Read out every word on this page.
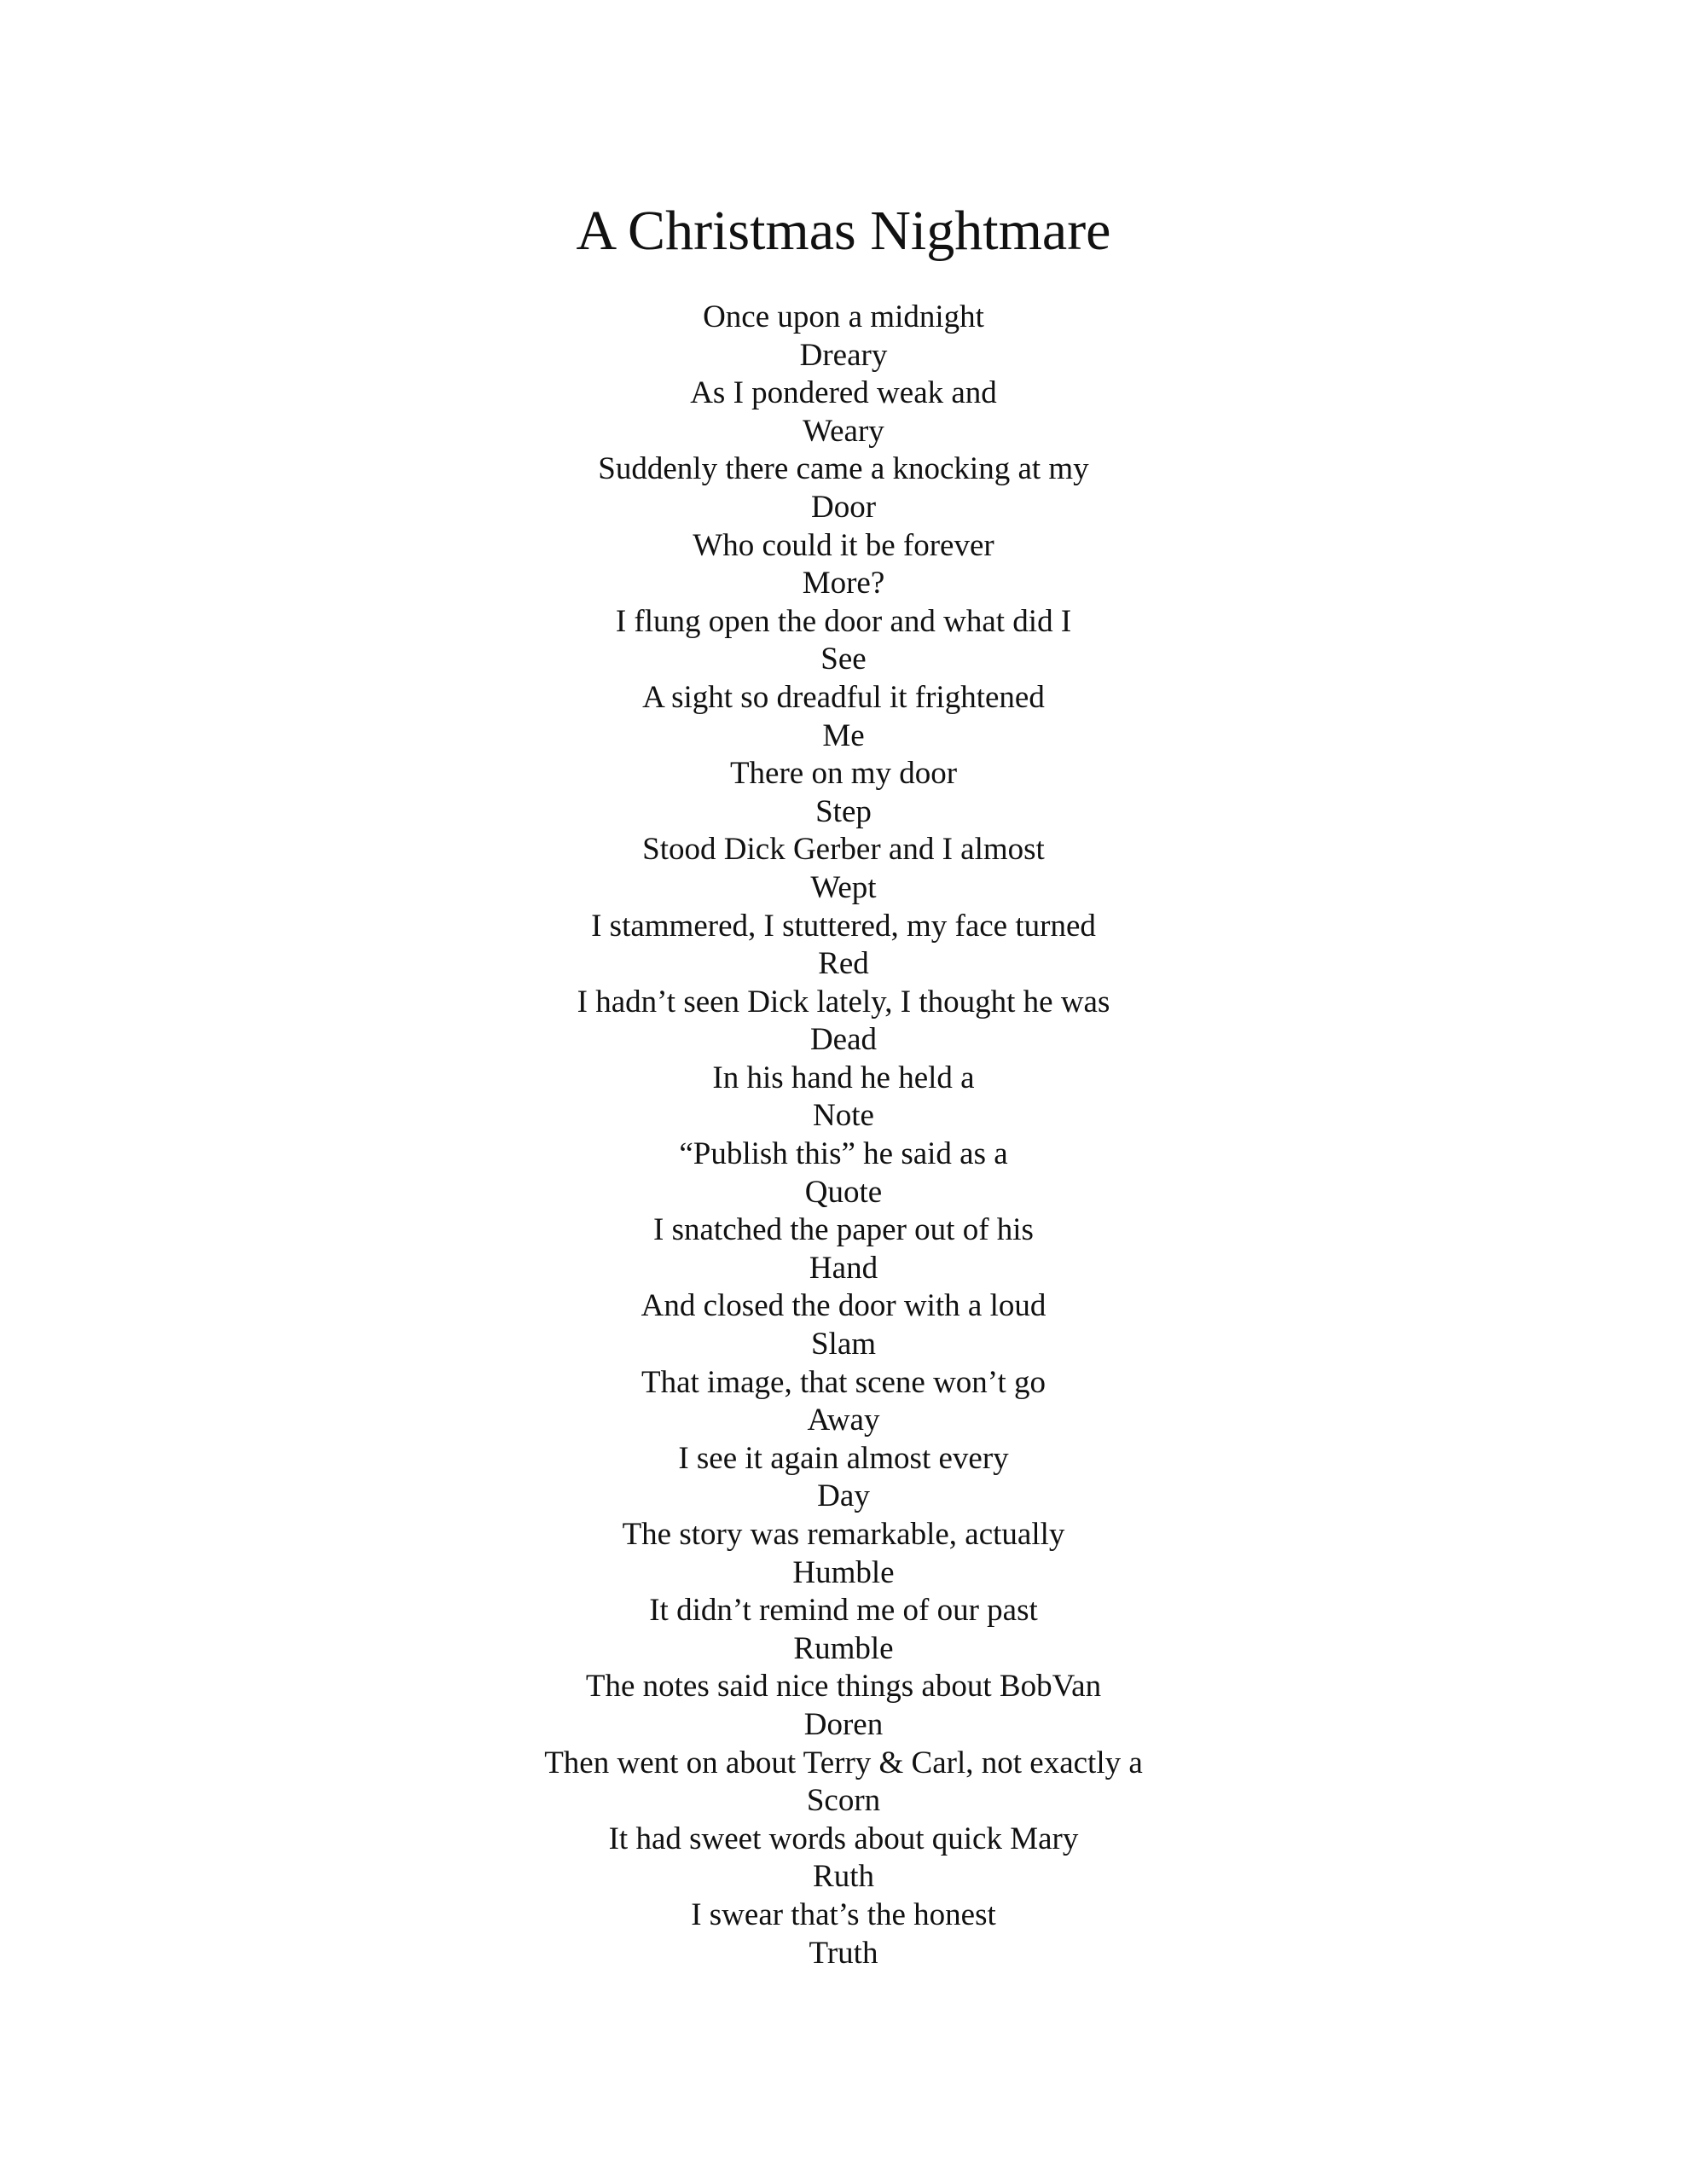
A Christmas Nightmare
Once upon a midnight
Dreary
As I pondered weak and
Weary
Suddenly there came a knocking at my
Door
Who could it be forever
More?
I flung open the door and what did I
See
A sight so dreadful it frightened
Me
There on my door
Step
Stood Dick Gerber and I almost
Wept
I stammered, I stuttered, my face turned
Red
I hadn’t seen Dick lately, I thought he was
Dead
In his hand he held a
Note
“Publish this” he said as a
Quote
I snatched the paper out of his
Hand
And closed the door with a loud
Slam
That image, that scene won’t go
Away
I see it again almost every
Day
The story was remarkable, actually
Humble
It didn’t remind me of our past
Rumble
The notes said nice things about BobVan
Doren
Then went on about Terry & Carl, not exactly a
Scorn
It had sweet words about quick Mary
Ruth
I swear that’s the honest
Truth
